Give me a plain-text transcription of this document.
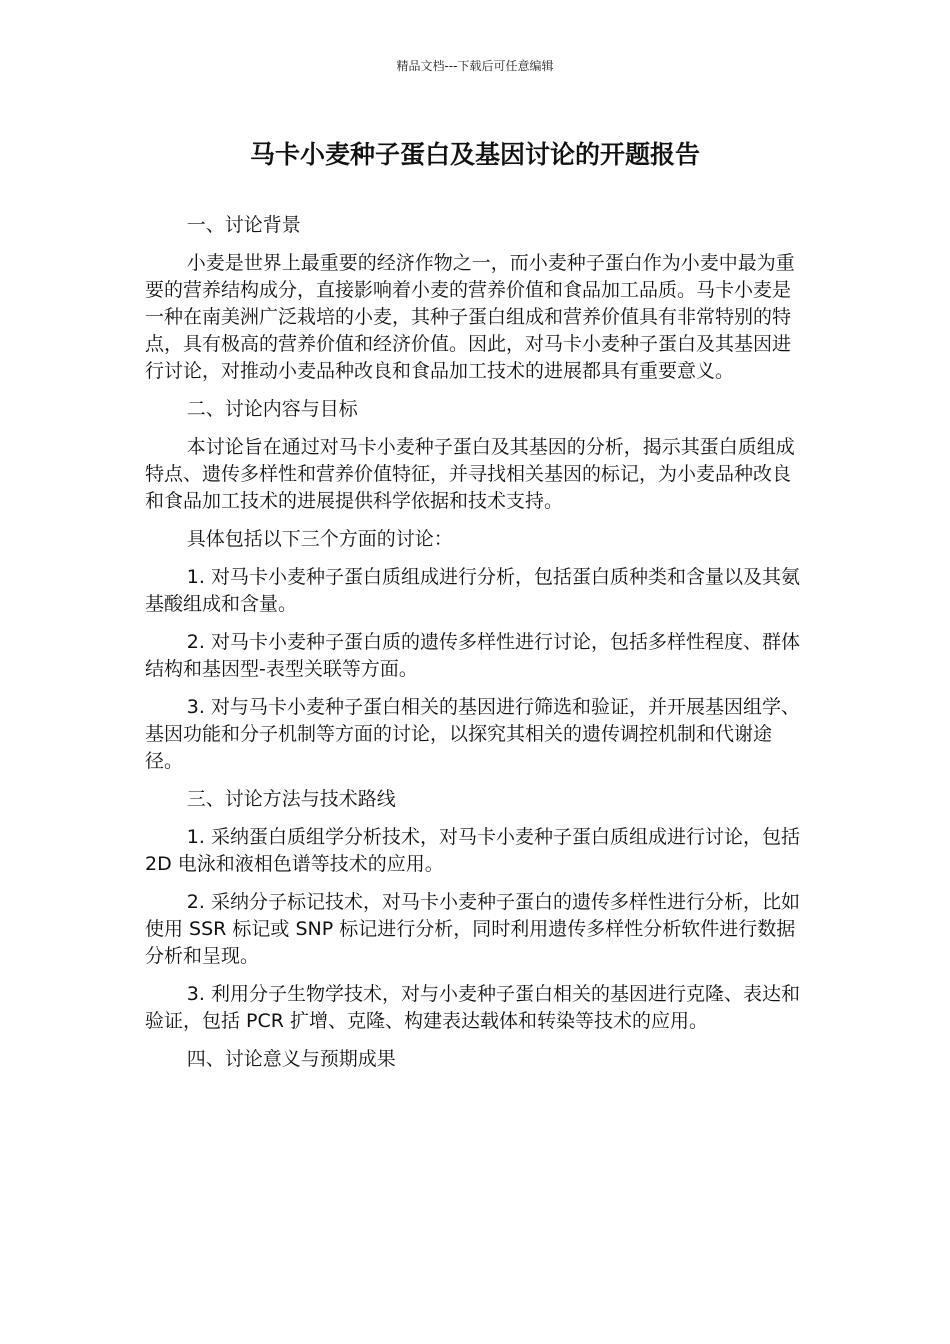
精品文档---下载后可任意编辑
马卡小麦种子蛋白及基因讨论的开题报告

一、讨论背景

小麦是世界上最重要的经济作物之一，而小麦种子蛋白作为小麦中最为重要的营养结构成分，直接影响着小麦的营养价值和食品加工品质。马卡小麦是一种在南美洲广泛栽培的小麦，其种子蛋白组成和营养价值具有非常特别的特点，具有极高的营养价值和经济价值。因此，对马卡小麦种子蛋白及其基因进行讨论，对推动小麦品种改良和食品加工技术的进展都具有重要意义。

二、讨论内容与目标

本讨论旨在通过对马卡小麦种子蛋白及其基因的分析，揭示其蛋白质组成特点、遗传多样性和营养价值特征，并寻找相关基因的标记，为小麦品种改良和食品加工技术的进展提供科学依据和技术支持。

具体包括以下三个方面的讨论：

1. 对马卡小麦种子蛋白质组成进行分析，包括蛋白质种类和含量以及其氨基酸组成和含量。

2. 对马卡小麦种子蛋白质的遗传多样性进行讨论，包括多样性程度、群体结构和基因型-表型关联等方面。

3. 对与马卡小麦种子蛋白相关的基因进行筛选和验证，并开展基因组学、基因功能和分子机制等方面的讨论，以探究其相关的遗传调控机制和代谢途径。

三、讨论方法与技术路线

1. 采纳蛋白质组学分析技术，对马卡小麦种子蛋白质组成进行讨论，包括 2D 电泳和液相色谱等技术的应用。

2. 采纳分子标记技术，对马卡小麦种子蛋白的遗传多样性进行分析，比如使用 SSR 标记或 SNP 标记进行分析，同时利用遗传多样性分析软件进行数据分析和呈现。

3. 利用分子生物学技术，对与小麦种子蛋白相关的基因进行克隆、表达和验证，包括 PCR 扩增、克隆、构建表达载体和转染等技术的应用。

四、讨论意义与预期成果
